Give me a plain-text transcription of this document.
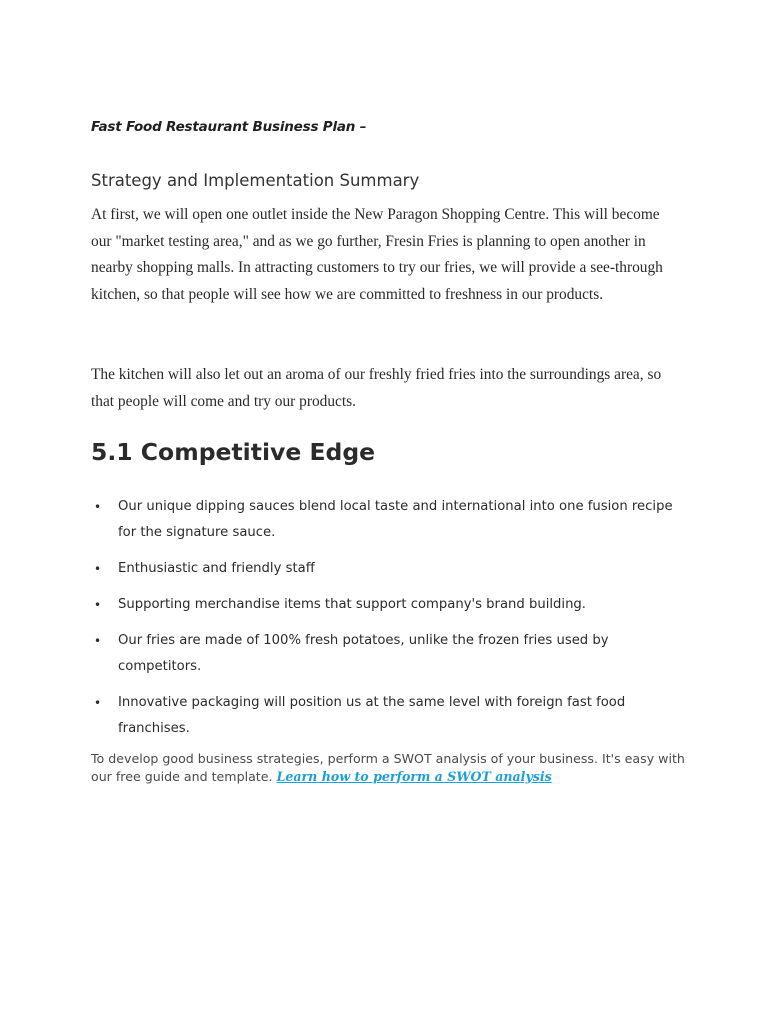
Fast Food Restaurant Business Plan –
Strategy and Implementation Summary

At first, we will open one outlet inside the New Paragon Shopping Centre. This will become our "market testing area," and as we go further, Fresin Fries is planning to open another in nearby shopping malls. In attracting customers to try our fries, we will provide a see-through kitchen, so that people will see how we are committed to freshness in our products.

The kitchen will also let out an aroma of our freshly fried fries into the surroundings area, so that people will come and try our products.

5.1 Competitive Edge
• Our unique dipping sauces blend local taste and international into one fusion recipe for the signature sauce.
• Enthusiastic and friendly staff
• Supporting merchandise items that support company's brand building.
• Our fries are made of 100% fresh potatoes, unlike the frozen fries used by competitors.
• Innovative packaging will position us at the same level with foreign fast food franchises.

To develop good business strategies, perform a SWOT analysis of your business. It's easy with our free guide and template. Learn how to perform a SWOT analysis
